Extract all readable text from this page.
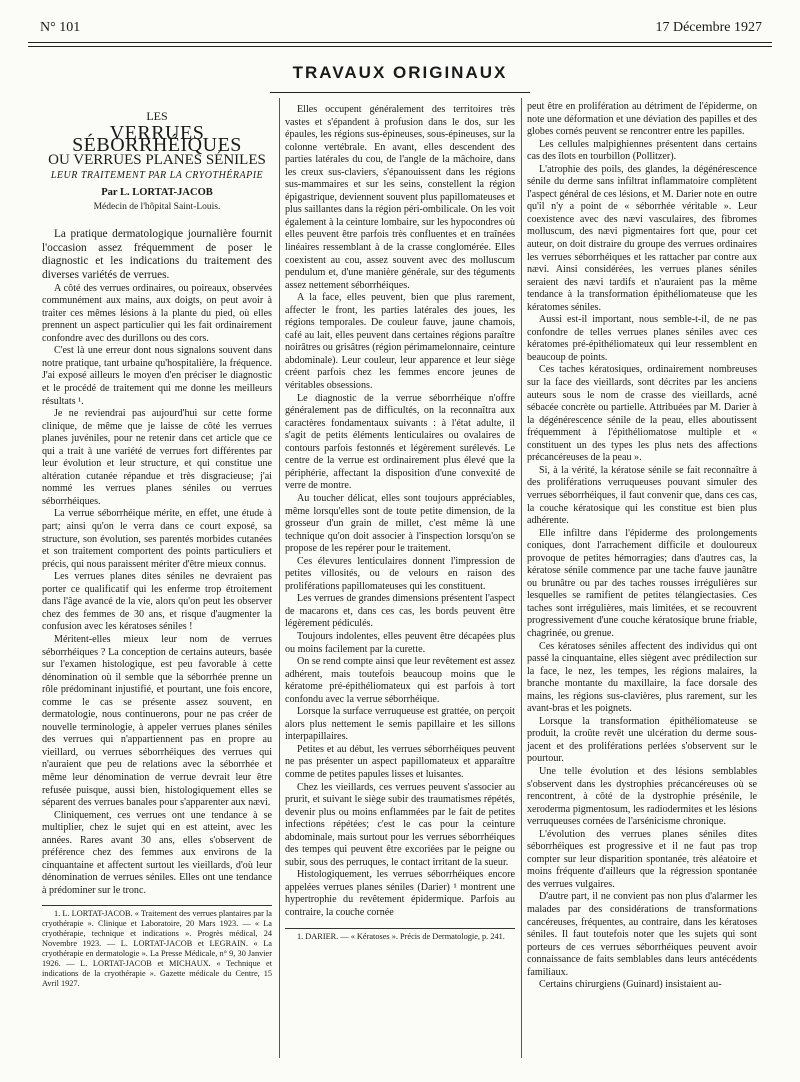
N° 101	17 Décembre 1927
TRAVAUX ORIGINAUX

LES

VERRUES SÉBORRHÉIQUES

OU VERRUES PLANES SÉNILES

LEUR TRAITEMENT PAR LA CRYOTHÉRAPIE

Par L. LORTAT-JACOB

Médecin de l'hôpital Saint-Louis.

La pratique dermatologique journalière fournit l'occasion assez fréquemment de poser le diagnostic et les indications du traitement des diverses variétés de verrues.

A côté des verrues ordinaires, ou poireaux, observées communément aux mains, aux doigts, on peut avoir à traiter ces mêmes lésions à la plante du pied, où elles prennent un aspect particulier qui les fait ordinairement confondre avec des durillons ou des cors.

C'est là une erreur dont nous signalons souvent dans notre pratique, tant urbaine qu'hospitalière, la fréquence. J'ai exposé ailleurs le moyen d'en préciser le diagnostic et le procédé de traitement qui me donne les meilleurs résultats ¹.

Je ne reviendrai pas aujourd'hui sur cette forme clinique, de même que je laisse de côté les verrues planes juvéniles, pour ne retenir dans cet article que ce qui a trait à une variété de verrues fort différentes par leur évolution et leur structure, et qui constitue une altération cutanée répandue et très disgracieuse; j'ai nommé les verrues planes séniles ou verrues séborrhéiques.

La verrue séborrhéique mérite, en effet, une étude à part; ainsi qu'on le verra dans ce court exposé, sa structure, son évolution, ses parentés morbides cutanées et son traitement comportent des points particuliers et précis, qui nous paraissent mériter d'être mieux connus.

Les verrues planes dites séniles ne devraient pas porter ce qualificatif qui les enferme trop étroitement dans l'âge avancé de la vie, alors qu'on peut les observer chez des femmes de 30 ans, et risque d'augmenter la confusion avec les kératoses séniles !

Méritent-elles mieux leur nom de verrues séborrhéiques ? La conception de certains auteurs, basée sur l'examen histologique, est peu favorable à cette dénomination où il semble que la séborrhée prenne un rôle prédominant injustifié, et pourtant, une fois encore, comme le cas se présente assez souvent, en dermatologie, nous continuerons, pour ne pas créer de nouvelle terminologie, à appeler verrues planes séniles des verrues qui n'appartiennent pas en propre au vieillard, ou verrues séborrhéiques des verrues qui n'auraient que peu de relations avec la séborrhée et même leur dénomination de verrue devrait leur être refusée puisque, aussi bien, histologiquement elles se séparent des verrues banales pour s'apparenter aux nævi.

Cliniquement, ces verrues ont une tendance à se multiplier, chez le sujet qui en est atteint, avec les années. Rares avant 30 ans, elles s'observent de préférence chez des femmes aux environs de la cinquantaine et affectent surtout les vieillards, d'où leur dénomination de verrues séniles. Elles ont une tendance à prédominer sur le tronc.

1. L. LORTAT-JACOB. « Traitement des verrues plantaires par la cryothérapie ». Clinique et Laboratoire, 20 Mars 1923. — « La cryothérapie, technique et indications ». Progrès médical, 24 Novembre 1923. — L. LORTAT-JACOB et LEGRAIN. « La cryothérapie en dermatologie ». La Presse Médicale, n° 9, 30 Janvier 1926. — L. LORTAT-JACOB et MICHAUX. « Technique et indications de la cryothérapie ». Gazette médicale du Centre, 15 Avril 1927.

Elles occupent généralement des territoires très vastes et s'épandent à profusion dans le dos, sur les épaules, les régions sus-épineuses, sous-épineuses, sur la colonne vertébrale. En avant, elles descendent des parties latérales du cou, de l'angle de la mâchoire, dans les creux sus-claviers, s'épanouissent dans les régions sus-mammaires et sur les seins, constellent la région épigastrique, deviennent souvent plus papillomateuses et plus saillantes dans la région péri-ombilicale. On les voit également à la ceinture lombaire, sur les hypocondres où elles peuvent être parfois très confluentes et en traînées linéaires ressemblant à de la crasse conglomérée. Elles coexistent au cou, assez souvent avec des molluscum pendulum et, d'une manière générale, sur des téguments assez nettement séborrhéiques.

A la face, elles peuvent, bien que plus rarement, affecter le front, les parties latérales des joues, les régions temporales. De couleur fauve, jaune chamois, café au lait, elles peuvent dans certaines régions paraître noirâtres ou grisâtres (région périmamelonnaire, ceinture abdominale). Leur couleur, leur apparence et leur siège créent parfois chez les femmes encore jeunes de véritables obsessions.

Le diagnostic de la verrue séborrhéique n'offre généralement pas de difficultés, on la reconnaîtra aux caractères fondamentaux suivants : à l'état adulte, il s'agit de petits éléments lenticulaires ou ovalaires de contours parfois festonnés et légèrement surélevés. Le centre de la verrue est ordinairement plus élevé que la périphérie, affectant la disposition d'une convexité de verre de montre.

Au toucher délicat, elles sont toujours appréciables, même lorsqu'elles sont de toute petite dimension, de la grosseur d'un grain de millet, c'est même là une technique qu'on doit associer à l'inspection lorsqu'on se propose de les repérer pour le traitement.

Ces élevures lenticulaires donnent l'impression de petites villosités, ou de velours en raison des proliférations papillomateuses qui les constituent.

Les verrues de grandes dimensions présentent l'aspect de macarons et, dans ces cas, les bords peuvent être légèrement pédiculés.

Toujours indolentes, elles peuvent être décapées plus ou moins facilement par la curette.

On se rend compte ainsi que leur revêtement est assez adhérent, mais toutefois beaucoup moins que le kératome pré-épithéliomateux qui est parfois à tort confondu avec la verrue séborrhéique.

Lorsque la surface verruqueuse est grattée, on perçoit alors plus nettement le semis papillaire et les sillons interpapillaires.

Petites et au début, les verrues séborrhéiques peuvent ne pas présenter un aspect papillomateux et apparaître comme de petites papules lisses et luisantes.

Chez les vieillards, ces verrues peuvent s'associer au prurit, et suivant le siège subir des traumatismes répétés, devenir plus ou moins enflammées par le fait de petites infections répétées; c'est le cas pour la ceinture abdominale, mais surtout pour les verrues séborrhéiques des tempes qui peuvent être excoriées par le peigne ou subir, sous des perruques, le contact irritant de la sueur.

Histologiquement, les verrues séborrhéiques encore appelées verrues planes séniles (Darier) ¹ montrent une hypertrophie du revêtement épidermique. Parfois au contraire, la couche cornée

1. DARIER. — « Kératoses ». Précis de Dermatologie, p. 241.

peut être en prolifération au détriment de l'épiderme, on note une déformation et une déviation des papilles et des globes cornés peuvent se rencontrer entre les papilles.

Les cellules malpighiennes présentent dans certains cas des îlots en tourbillon (Pollitzer).

L'atrophie des poils, des glandes, la dégénérescence sénile du derme sans infiltrat inflammatoire complètent l'aspect général de ces lésions, et M. Darier note en outre qu'il n'y a point de « séborrhée véritable ». Leur coexistence avec des nævi vasculaires, des fibromes molluscum, des nævi pigmentaires fort que, pour cet auteur, on doit distraire du groupe des verrues ordinaires les verrues séborrhéiques et les rattacher par contre aux nævi. Ainsi considérées, les verrues planes séniles seraient des nævi tardifs et n'auraient pas la même tendance à la transformation épithéliomateuse que les kératomes séniles.

Aussi est-il important, nous semble-t-il, de ne pas confondre de telles verrues planes séniles avec ces kératomes pré-épithéliomateux qui leur ressemblent en beaucoup de points.

Ces taches kératosiques, ordinairement nombreuses sur la face des vieillards, sont décrites par les anciens auteurs sous le nom de crasse des vieillards, acné sébacée concrète ou partielle. Attribuées par M. Darier à la dégénérescence sénile de la peau, elles aboutissent fréquemment à l'épithéliomatose multiple et « constituent un des types les plus nets des affections précancéreuses de la peau ».

Si, à la vérité, la kératose sénile se fait reconnaître à des proliférations verruqueuses pouvant simuler des verrues séborrhéiques, il faut convenir que, dans ces cas, la couche kératosique qui les constitue est bien plus adhérente.

Elle infiltre dans l'épiderme des prolongements coniques, dont l'arrachement difficile et douloureux provoque de petites hémorragies; dans d'autres cas, la kératose sénile commence par une tache fauve jaunâtre ou brunâtre ou par des taches rousses irrégulières sur lesquelles se ramifient de petites télangiectasies. Ces taches sont irrégulières, mais limitées, et se recouvrent progressivement d'une couche kératosique brune friable, chagrinée, ou grenue.

Ces kératoses séniles affectent des individus qui ont passé la cinquantaine, elles siègent avec prédilection sur la face, le nez, les tempes, les régions malaires, la branche montante du maxillaire, la face dorsale des mains, les régions sus-clavières, plus rarement, sur les avant-bras et les poignets.

Lorsque la transformation épithéliomateuse se produit, la croûte revêt une ulcération du derme sous-jacent et des proliférations perlées s'observent sur le pourtour.

Une telle évolution et des lésions semblables s'observent dans les dystrophies précancéreuses où se rencontrent, à côté de la dystrophie présénile, le xeroderma pigmentosum, les radiodermites et les lésions verruqueuses cornées de l'arsénicisme chronique.

L'évolution des verrues planes séniles dites séborrhéiques est progressive et il ne faut pas trop compter sur leur disparition spontanée, très aléatoire et moins fréquente d'ailleurs que la régression spontanée des verrues vulgaires.

D'autre part, il ne convient pas non plus d'alarmer les malades par des considérations de transformations cancéreuses, fréquentes, au contraire, dans les kératoses séniles. Il faut toutefois noter que les sujets qui sont porteurs de ces verrues séborrhéiques peuvent avoir connaissance de faits semblables dans leurs antécédents familiaux.

Certains chirurgiens (Guinard) insistaient au-
